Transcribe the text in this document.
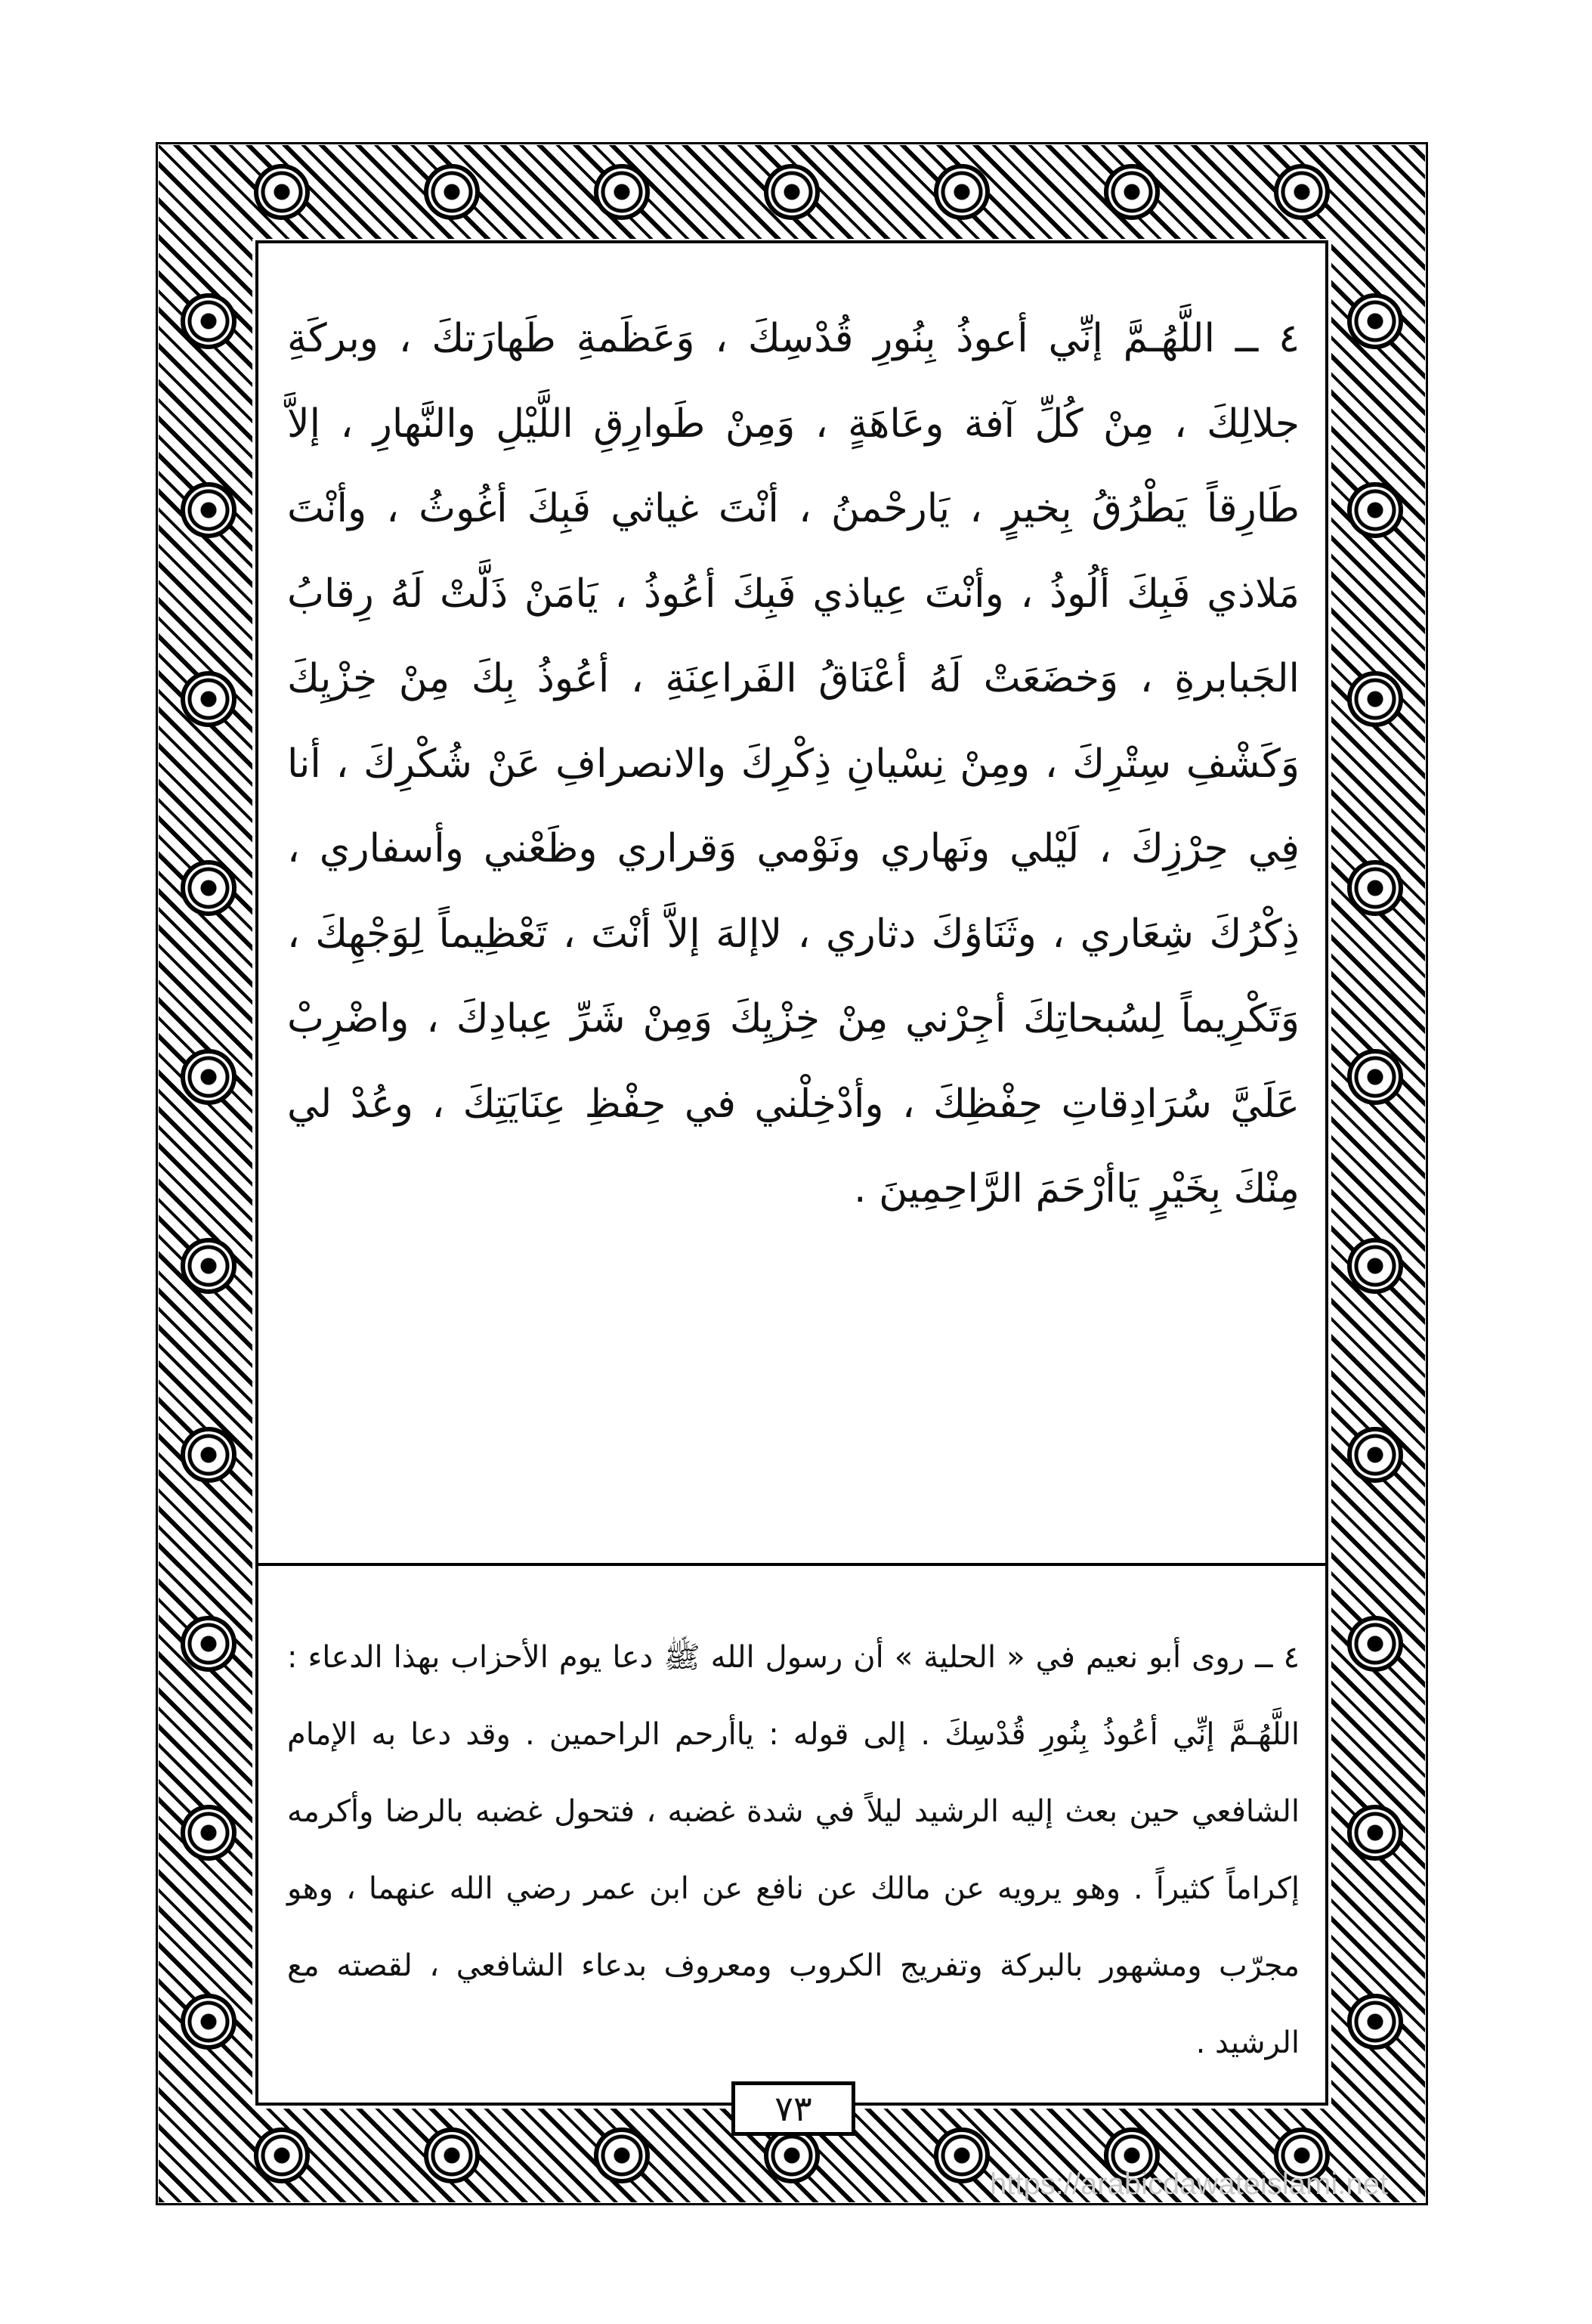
٤ ــ اللَّهُـمَّ إنِّي أعوذُ بِنُورِ قُدْسِكَ ، وَعَظَمةِ طَهارَتكَ ، وبركَةِ جلالِكَ ، مِنْ كُلِّ آفة وعَاهَةٍ ، وَمِنْ طَوارِقِ اللَّيْلِ والنَّهارِ ، إلاَّ طَارِقاً يَطْرُقُ بِخيرٍ ، يَارحْمنُ ، أنْتَ غياثي فَبِكَ أغُوثُ ، وأنْتَ مَلاذي فَبِكَ ألُوذُ ، وأنْتَ عِياذي فَبِكَ أعُوذُ ، يَامَنْ ذَلَّتْ لَهُ رِقابُ الجَبابرةِ ، وَخضَعَتْ لَهُ أعْنَاقُ الفَراعِنَةِ ، أعُوذُ بِكَ مِنْ خِزْيِكَ وَكَشْفِ سِتْرِكَ ، ومِنْ نِسْيانِ ذِكْرِكَ والانصرافِ عَنْ شُكْرِكَ ، أنا فِي حِرْزِكَ ، لَيْلي ونَهاري ونَوْمي وَقراري وظَعْني وأسفاري ، ذِكْرُكَ شِعَاري ، وثَنَاؤكَ دثاري ، لاإلهَ إلاَّ أنْتَ ، تَعْظِيماً لِوَجْهِكَ ، وَتَكْرِيماً لِسُبحاتِكَ أجِرْني مِنْ خِزْيِكَ وَمِنْ شَرِّ عِبادِكَ ، واضْرِبْ عَلَيَّ سُرَادِقاتِ حِفْظِكَ ، وأدْخِلْني في حِفْظِ عِنَايَتِكَ ، وعُدْ لي مِنْكَ بِخَيْرٍ يَاأرْحَمَ الرَّاحِمِينَ .
٤ ــ روى أبو نعيم في « الحلية » أن رسول الله ﷺ دعا يوم الأحزاب بهذا الدعاء : اللَّهُـمَّ إنِّي أعُوذُ بِنُورِ قُدْسِكَ . إلى قوله : ياأرحم الراحمين . وقد دعا به الإمام الشافعي حين بعث إليه الرشيد ليلاً في شدة غضبه ، فتحول غضبه بالرضا وأكرمه إكراماً كثيراً . وهو يرويه عن مالك عن نافع عن ابن عمر رضي الله عنهما ، وهو مجرّب ومشهور بالبركة وتفريج الكروب ومعروف بدعاء الشافعي ، لقصته مع الرشيد .
٧٣
https://arabicdawateislami.net
